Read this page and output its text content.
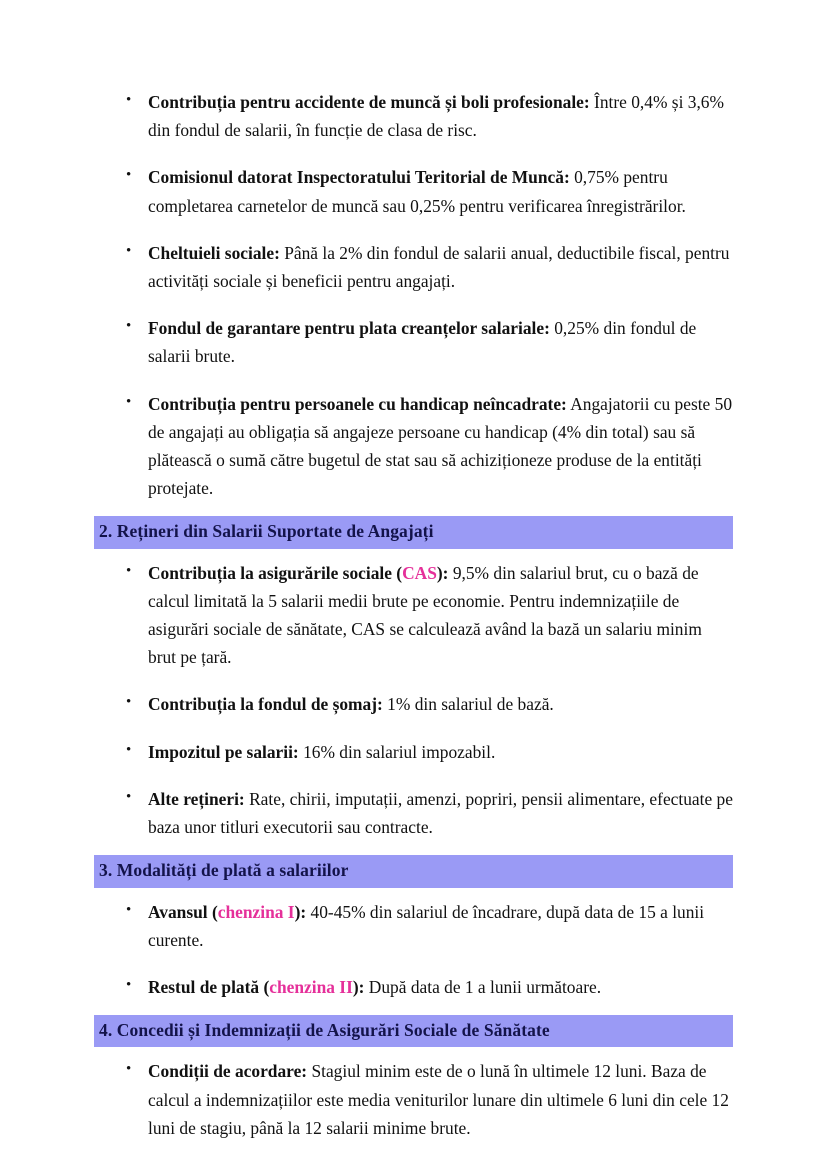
• Contribuția pentru accidente de muncă și boli profesionale: Între 0,4% și 3,6% din fondul de salarii, în funcție de clasa de risc.
• Comisionul datorat Inspectoratului Teritorial de Muncă: 0,75% pentru completarea carnetelor de muncă sau 0,25% pentru verificarea înregistrărilor.
• Cheltuieli sociale: Până la 2% din fondul de salarii anual, deductibile fiscal, pentru activități sociale și beneficii pentru angajați.
• Fondul de garantare pentru plata creanțelor salariale: 0,25% din fondul de salarii brute.
• Contribuția pentru persoanele cu handicap neîncadrate: Angajatorii cu peste 50 de angajați au obligația să angajeze persoane cu handicap (4% din total) sau să plătească o sumă către bugetul de stat sau să achiziționeze produse de la entități protejate.
2. Rețineri din Salarii Suportate de Angajați
• Contribuția la asigurările sociale (CAS): 9,5% din salariul brut, cu o bază de calcul limitată la 5 salarii medii brute pe economie. Pentru indemnizațiile de asigurări sociale de sănătate, CAS se calculează având la bază un salariu minim brut pe țară.
• Contribuția la fondul de șomaj: 1% din salariul de bază.
• Impozitul pe salarii: 16% din salariul impozabil.
• Alte rețineri: Rate, chirii, imputații, amenzi, popriri, pensii alimentare, efectuate pe baza unor titluri executorii sau contracte.
3. Modalități de plată a salariilor
• Avansul (chenzina I): 40-45% din salariul de încadrare, după data de 15 a lunii curente.
• Restul de plată (chenzina II): După data de 1 a lunii următoare.
4. Concedii și Indemnizații de Asigurări Sociale de Sănătate
• Condiții de acordare: Stagiul minim este de o lună în ultimele 12 luni. Baza de calcul a indemnizațiilor este media veniturilor lunare din ultimele 6 luni din cele 12 luni de stagiu, până la 12 salarii minime brute.
